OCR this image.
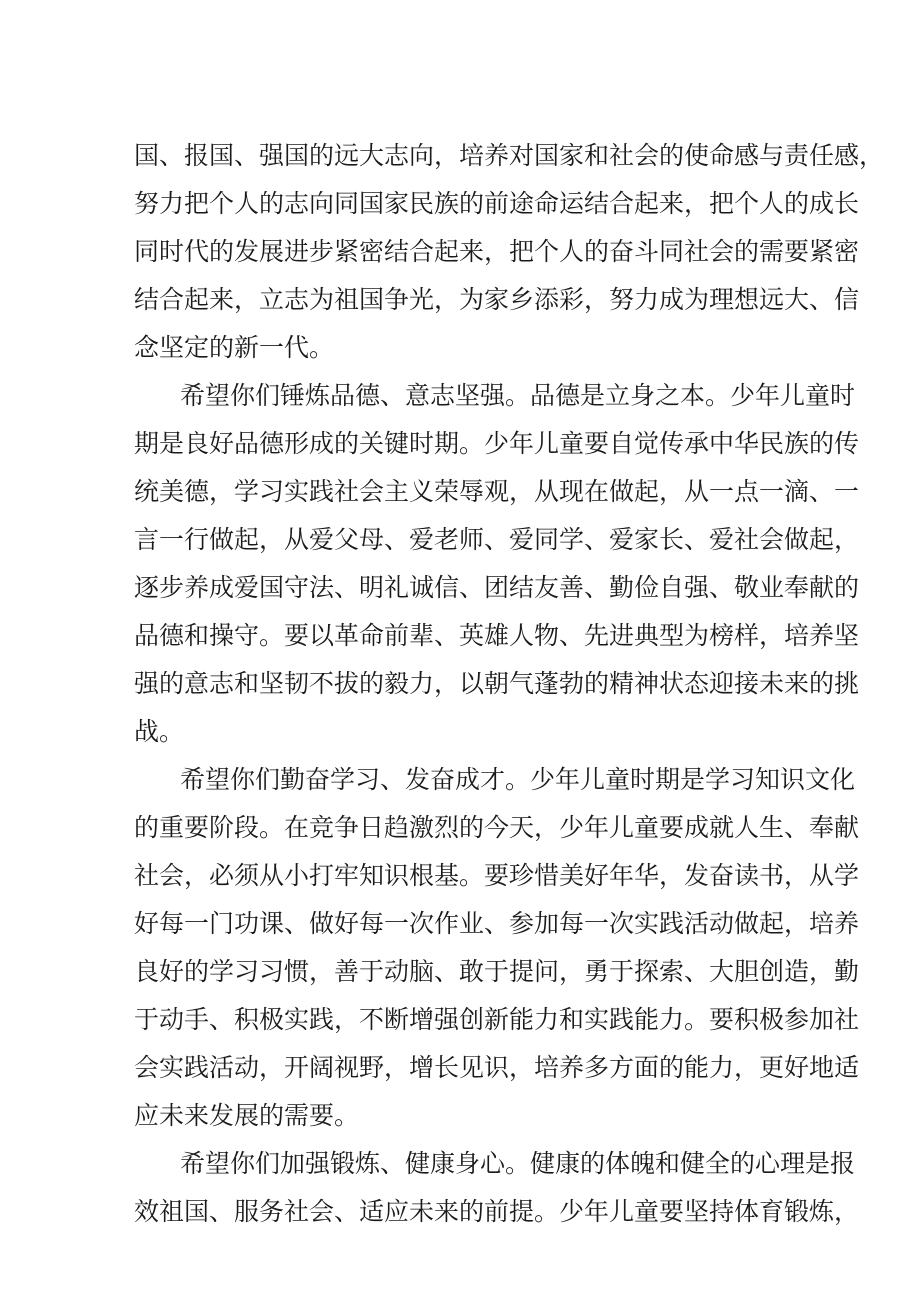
国、报国、强国的远大志向，培养对国家和社会的使命感与责任感，
努力把个人的志向同国家民族的前途命运结合起来，把个人的成长
同时代的发展进步紧密结合起来，把个人的奋斗同社会的需要紧密
结合起来，立志为祖国争光，为家乡添彩，努力成为理想远大、信
念坚定的新一代。
希望你们锤炼品德、意志坚强。品德是立身之本。少年儿童时
期是良好品德形成的关键时期。少年儿童要自觉传承中华民族的传
统美德，学习实践社会主义荣辱观，从现在做起，从一点一滴、一
言一行做起，从爱父母、爱老师、爱同学、爱家长、爱社会做起，
逐步养成爱国守法、明礼诚信、团结友善、勤俭自强、敬业奉献的
品德和操守。要以革命前辈、英雄人物、先进典型为榜样，培养坚
强的意志和坚韧不拔的毅力，以朝气蓬勃的精神状态迎接未来的挑
战。
希望你们勤奋学习、发奋成才。少年儿童时期是学习知识文化
的重要阶段。在竞争日趋激烈的今天，少年儿童要成就人生、奉献
社会，必须从小打牢知识根基。要珍惜美好年华，发奋读书，从学
好每一门功课、做好每一次作业、参加每一次实践活动做起，培养
良好的学习习惯，善于动脑、敢于提问，勇于探索、大胆创造，勤
于动手、积极实践，不断增强创新能力和实践能力。要积极参加社
会实践活动，开阔视野，增长见识，培养多方面的能力，更好地适
应未来发展的需要。
希望你们加强锻炼、健康身心。健康的体魄和健全的心理是报
效祖国、服务社会、适应未来的前提。少年儿童要坚持体育锻炼，
